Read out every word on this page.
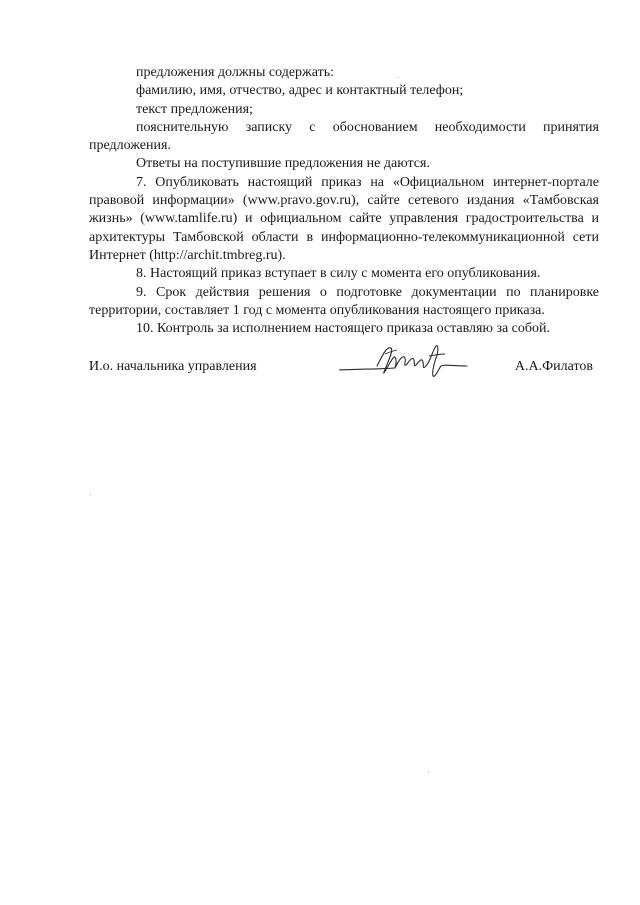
предложения должны содержать:

фамилию, имя, отчество, адрес и контактный телефон;

текст предложения;

пояснительную записку с обоснованием необходимости принятия предложения.

Ответы на поступившие предложения не даются.

7. Опубликовать настоящий приказ на «Официальном интернет-портале правовой информации» (www.pravo.gov.ru), сайте сетевого издания «Тамбовская жизнь» (www.tamlife.ru) и официальном сайте управления градостроительства и архитектуры Тамбовской области в информационно-телекоммуникационной сети Интернет (http://archit.tmbreg.ru).

8. Настоящий приказ вступает в силу с момента его опубликования.

9. Срок действия решения о подготовке документации по планировке территории, составляет 1 год с момента опубликования настоящего приказа.

10. Контроль за исполнением настоящего приказа оставляю за собой.

И.о. начальника управления	А.А.Филатов
